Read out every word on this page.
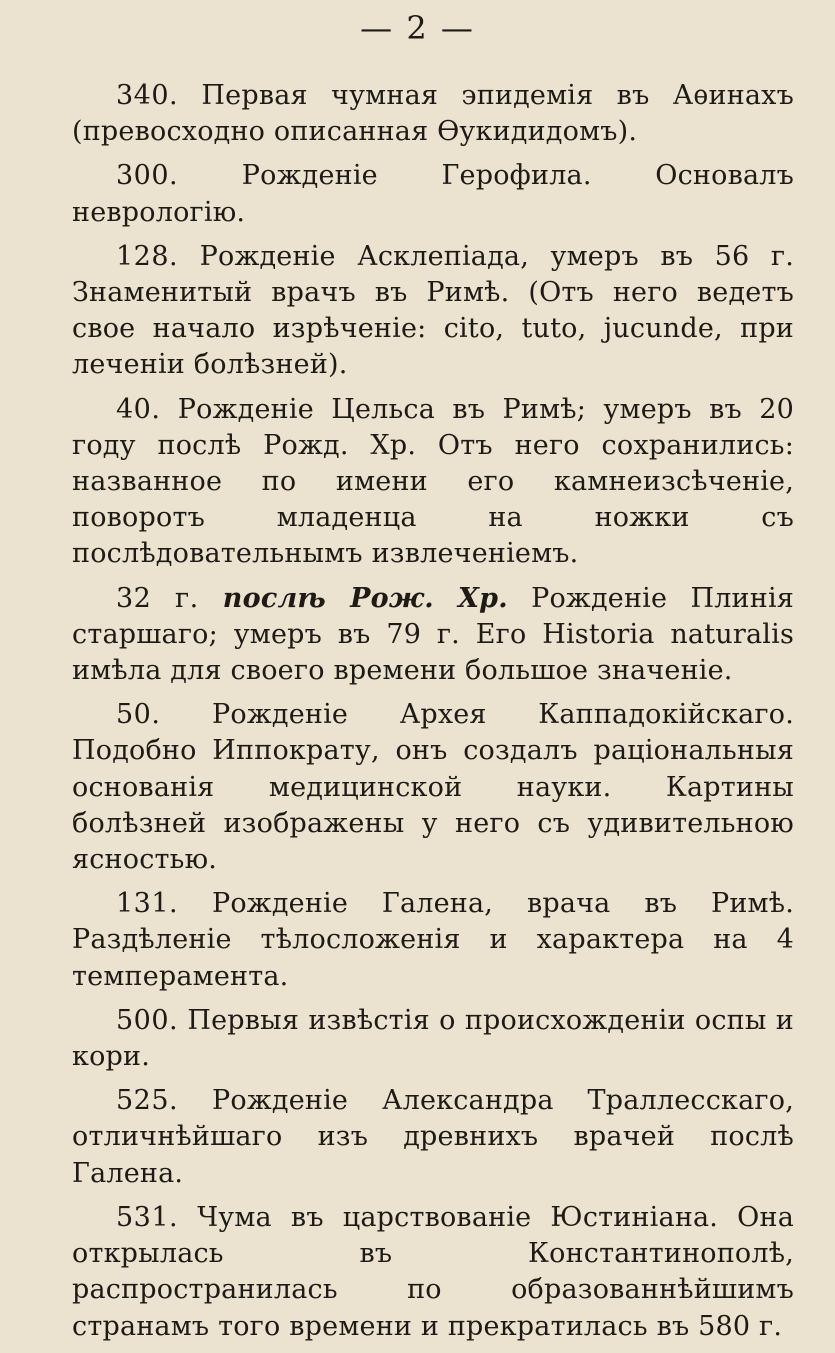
— 2 —

340. Первая чумная эпидемія въ Аѳинахъ (превосходно описанная Ѳукидидомъ).

300. Рожденіе Герофила. Основалъ неврологію.

128. Рожденіе Асклепіада, умеръ въ 56 г. Знаменитый врачъ въ Римѣ. (Отъ него ведетъ свое начало изрѣченіе: cito, tuto, jucunde, при леченіи болѣзней).

40. Рожденіе Цельса въ Римѣ; умеръ въ 20 году послѣ Рожд. Хр. Отъ него сохранились: названное по имени его камнеизсѣченіе, поворотъ младенца на ножки съ послѣдовательнымъ извлеченіемъ.

32 г. послѣ Рож. Хр. Рожденіе Плинія старшаго; умеръ въ 79 г. Его Historia naturalis имѣла для своего времени большое значеніе.

50. Рожденіе Архея Каппадокійскаго. Подобно Иппократу, онъ создалъ раціональныя основанія медицинской науки. Картины болѣзней изображены у него съ удивительною ясностью.

131. Рожденіе Галена, врача въ Римѣ. Раздѣленіе тѣлосложенія и характера на 4 темперамента.

500. Первыя извѣстія о происхожденіи оспы и кори.

525. Рожденіе Александра Траллесскаго, отличнѣйшаго изъ древнихъ врачей послѣ Галена.

531. Чума въ царствованіе Юстиніана. Она открылась въ Константинополѣ, распространилась по образованнѣйшимъ странамъ того времени и прекратилась въ 580 г.
